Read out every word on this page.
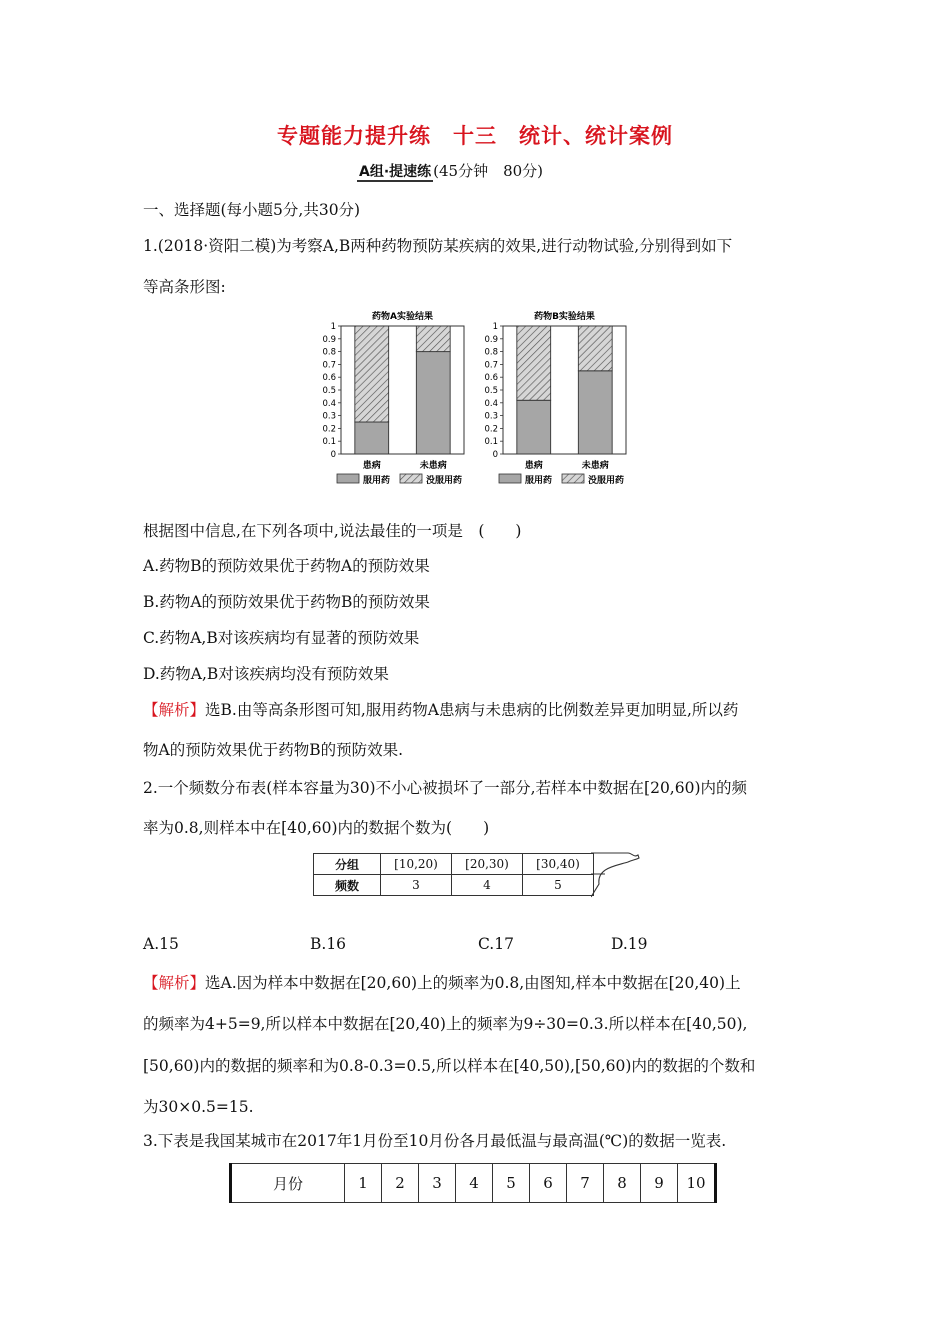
专题能力提升练　十三　统计、统计案例
A组·提速练 (45分钟　80分)
一、选择题(每小题5分,共30分)
1.(2018·资阳二模)为考察A,B两种药物预防某疾病的效果,进行动物试验,分别得到如下
等高条形图:
药物A实验结果
0
0.1
0.2
0.3
0.4
0.5
0.6
0.7
0.8
0.9
1
患病	未患病
药物B实验结果
0
0.1
0.2
0.3
0.4
0.5
0.6
0.7
0.8
0.9
1
患病	未患病
服用药	没服用药	服用药	没服用药
根据图中信息,在下列各项中,说法最佳的一项是　(　　)
A.药物B的预防效果优于药物A的预防效果
B.药物A的预防效果优于药物B的预防效果
C.药物A,B对该疾病均有显著的预防效果
D.药物A,B对该疾病均没有预防效果
【解析】选B.由等高条形图可知,服用药物A患病与未患病的比例数差异更加明显,所以药
物A的预防效果优于药物B的预防效果.
2.一个频数分布表(样本容量为30)不小心被损坏了一部分,若样本中数据在[20,60)内的频
率为0.8,则样本中在[40,60)内的数据个数为(　　)
分组	[10,20)	[20,30)	[30,40)
频数	3	4	5
A.15	B.16	C.17	D.19
【解析】选A.因为样本中数据在[20,60)上的频率为0.8,由图知,样本中数据在[20,40)上
的频率为4+5=9,所以样本中数据在[20,40)上的频率为9÷30=0.3.所以样本在[40,50),
[50,60)内的数据的频率和为0.8-0.3=0.5,所以样本在[40,50),[50,60)内的数据的个数和
为30×0.5=15.
3.下表是我国某城市在2017年1月份至10月份各月最低温与最高温(℃)的数据一览表.
月份	1	2	3	4	5	6	7	8	9	10
